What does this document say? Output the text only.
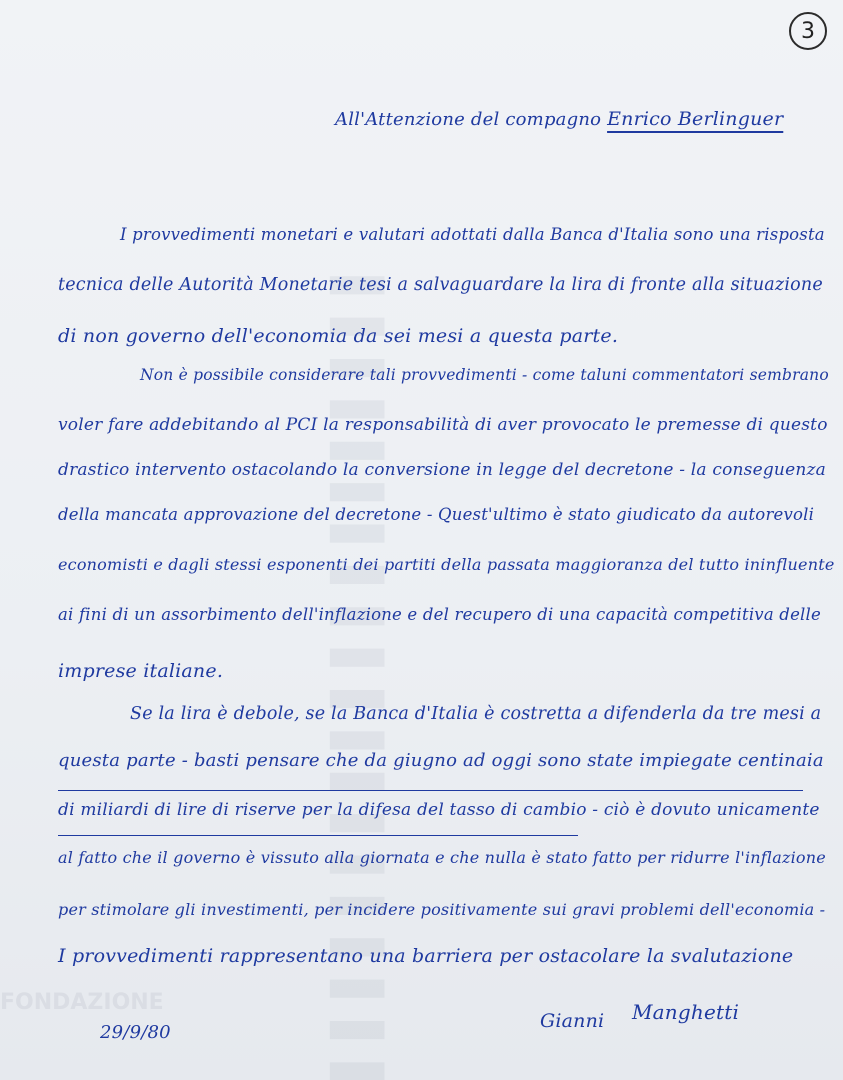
▌▌▌▌▌▌▌▌▌▌▌▌▌▌▌▌▌▌▌▌
FONDAZIONE
3
All'Attenzione del compagno Enrico Berlinguer
I provvedimenti monetari e valutari adottati dalla Banca d'Italia sono una risposta
tecnica delle Autorità Monetarie tesi a salvaguardare la lira di fronte alla situazione
di non governo dell'economia da sei mesi a questa parte.
Non è possibile considerare tali provvedimenti - come taluni commentatori sembrano
voler fare addebitando al PCI la responsabilità di aver provocato le premesse di questo
drastico intervento ostacolando la conversione in legge del decretone - la conseguenza
della mancata approvazione del decretone - Quest'ultimo è stato giudicato da autorevoli
economisti e dagli stessi esponenti dei partiti della passata maggioranza del tutto ininfluente
ai fini di un assorbimento dell'inflazione e del recupero di una capacità competitiva delle
imprese italiane.
Se la lira è debole, se la Banca d'Italia è costretta a difenderla da tre mesi a
questa parte - basti pensare che da giugno ad oggi sono state impiegate centinaia
di miliardi di lire di riserve per la difesa del tasso di cambio - ciò è dovuto unicamente
al fatto che il governo è vissuto alla giornata e che nulla è stato fatto per ridurre l'inflazione
per stimolare gli investimenti, per incidere positivamente sui gravi problemi dell'economia -
I provvedimenti rappresentano una barriera per ostacolare la svalutazione
29/9/80
Gianni Manghetti
